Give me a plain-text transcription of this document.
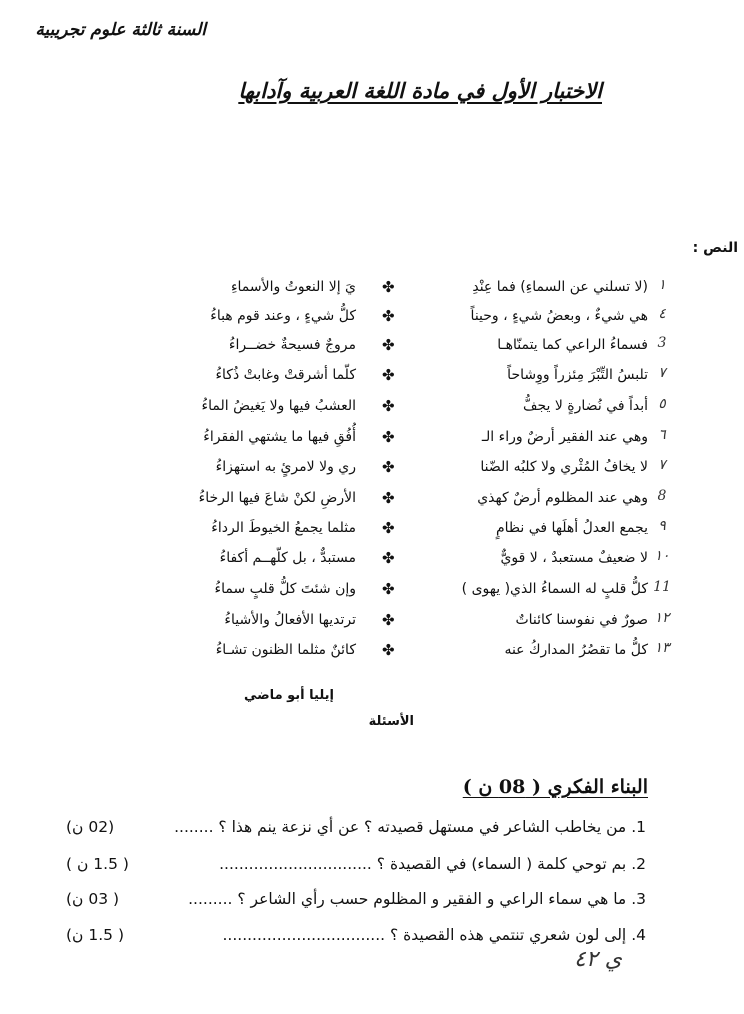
السنة ثالثة علوم تجريبية
الاختبار الأول في مادة اللغة العربية وآدابها
النص :
١
(لا تسلني عن السماءِ) فما عِنْدِ
✤
يَ إلا النعوتُ والأسماءِ
٤
هي شيءٌ ، وبعضُ شيءٍ ، وحيناً
✤
كلُّ شيءٍ ، وعند قوم هباءُ
3
فسماءُ الراعي كما يتمنّاهـا
✤
مروجٌ فسيحةٌ خضــراءُ
٧
تلبسُ التِّبْرَ مِئزراً ووِشاحاً
✤
كلّما أشرقتْ وغابتْ ذُكاءُ
٥
أبداً في نُضارةٍ لا يجفُّ
✤
العشبُ فيها ولا يَغيضُ الماءُ
٦
وهي عند الفقير أرضٌ وراء الـ
✤
أُفُقِ فيها ما يشتهي الفقراءُ
٧
لا يخافُ المُثْري ولا كلبُه الضّنا
✤
ري ولا لامرئٍ به استهزاءُ
8
وهي عند المظلوم أرضٌ كهذي
✤
الأرضِ لكنْ شاعَ فيها الرخاءُ
٩
يجمع العدلُ أهلَها في نظامٍ
✤
مثلما يجمعُ الخيوطَ الرداءُ
١٠
لا ضعيفٌ مستعبدٌ ، لا قويٌّ
✤
مستبدٌّ ، بل كلّهــم أكفاءُ
11
كلُّ قلبٍ له السماءُ الذي( يهوى )
✤
وإن شئتَ كلُّ قلبٍ سماءُ
١٢
صورٌ في نفوسنا كائناتٌ
✤
ترتديها الأفعالُ والأشياءُ
١٣
كلُّ ما تقصُرُ المداركُ عنه
✤
كائنٌ مثلما الظنون تشـاءُ
إيليا أبو ماضي
الأسئلة
البناء الفكري ( 08 ن )
1. من يخاطب الشاعر في مستهل قصيدته ؟ عن أي نزعة ينم هذا ؟ ........
(02 ن)
2. بم توحي كلمة ( السماء) في القصيدة ؟ ...............................
( 1.5 ن )
3. ما هي سماء الراعي و الفقير و المظلوم حسب رأي الشاعر ؟ .........
( 03 ن)
4. إلى لون شعري تنتمي هذه القصيدة ؟ .................................
( 1.5 ن)
ي ٤٢
